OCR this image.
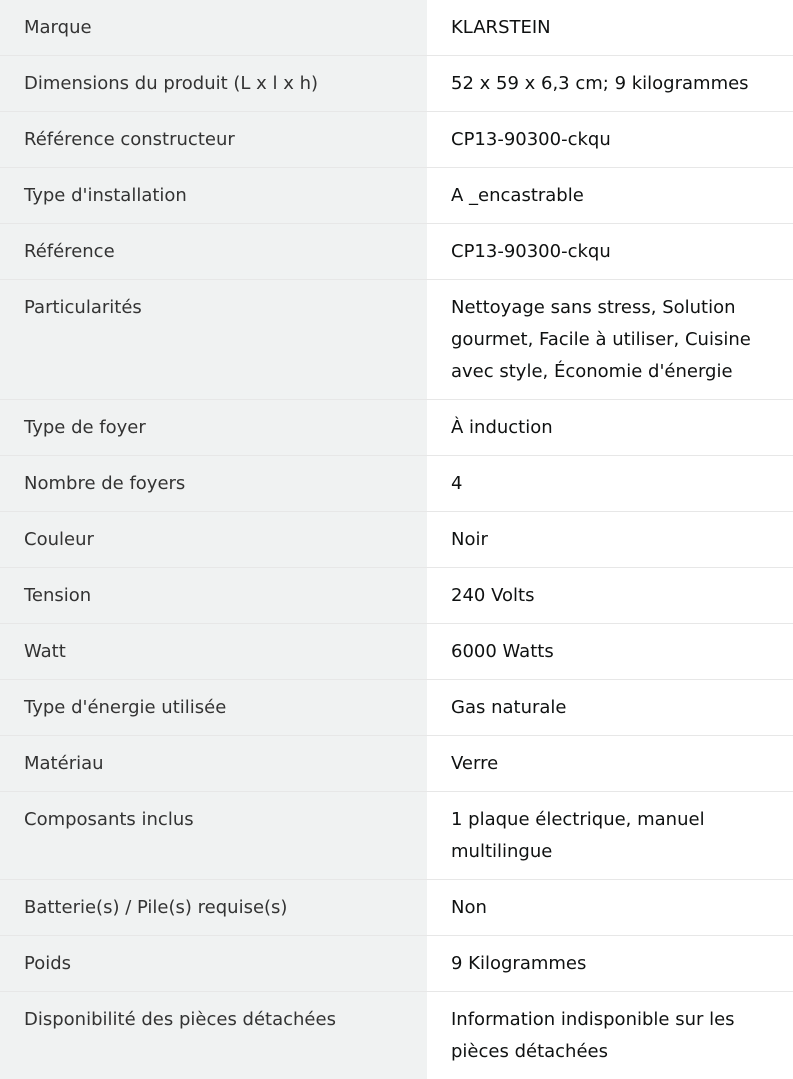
Marque	KLARSTEIN
Dimensions du produit (L x l x h)	52 x 59 x 6,3 cm; 9 kilogrammes
Référence constructeur	CP13-90300-ckqu
Type d'installation	A _encastrable
Référence	CP13-90300-ckqu
Particularités	Nettoyage sans stress, Solution gourmet, Facile à utiliser, Cuisine avec style, Économie d'énergie
Type de foyer	À induction
Nombre de foyers	4
Couleur	Noir
Tension	240 Volts
Watt	6000 Watts
Type d'énergie utilisée	Gas naturale
Matériau	Verre
Composants inclus	1 plaque électrique, manuel multilingue
Batterie(s) / Pile(s) requise(s)	Non
Poids	9 Kilogrammes
Disponibilité des pièces détachées	Information indisponible sur les pièces détachées
